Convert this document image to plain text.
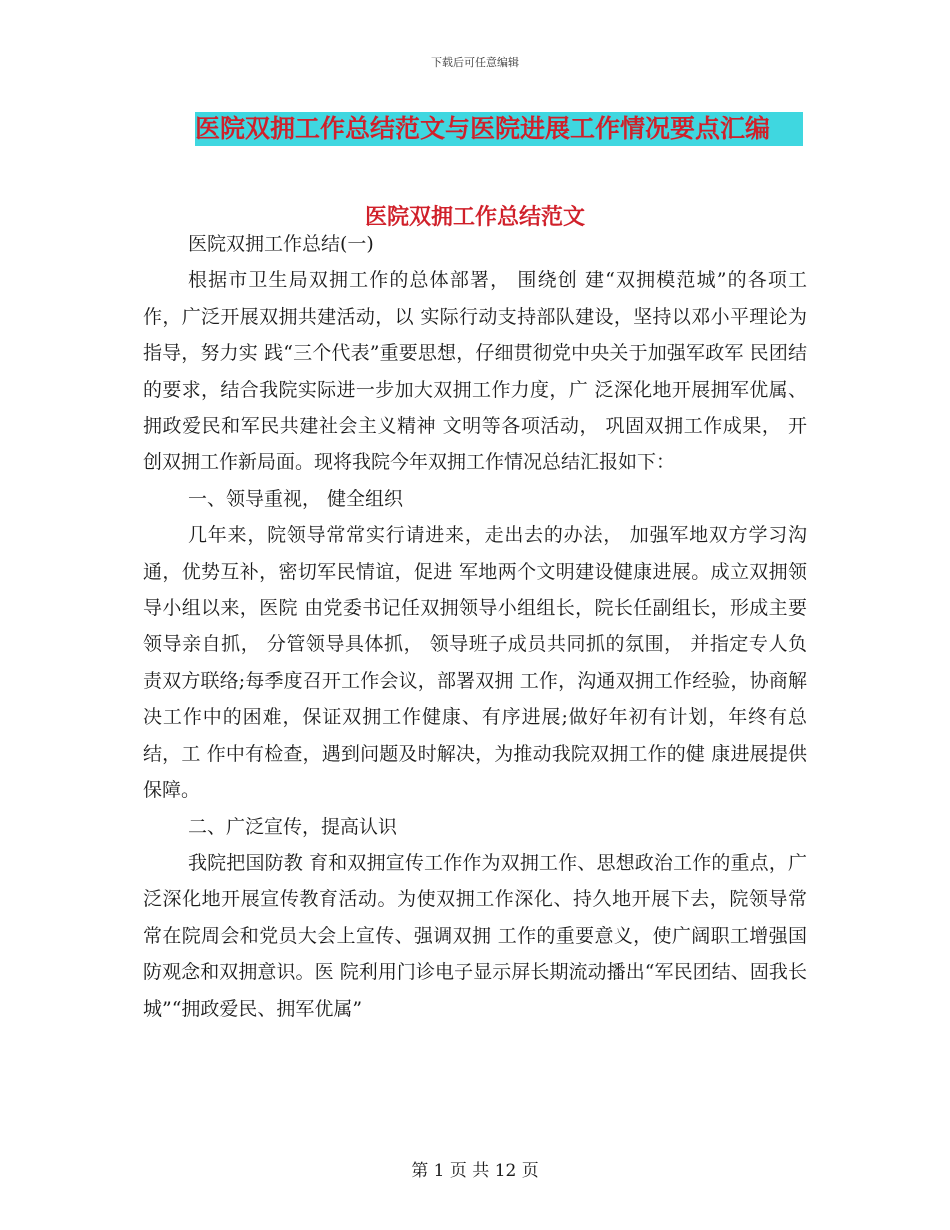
下载后可任意编辑
医院双拥工作总结范文与医院进展工作情况要点汇编
医院双拥工作总结范文

医院双拥工作总结(一)

根据市卫生局双拥工作的总体部署， 围绕创 建“双拥模范城”的各项工作，广泛开展双拥共建活动，以 实际行动支持部队建设，坚持以邓小平理论为指导，努力实 践“三个代表”重要思想，仔细贯彻党中央关于加强军政军 民团结的要求，结合我院实际进一步加大双拥工作力度，广 泛深化地开展拥军优属、拥政爱民和军民共建社会主义精神 文明等各项活动， 巩固双拥工作成果， 开创双拥工作新局面。现将我院今年双拥工作情况总结汇报如下：

一、领导重视， 健全组织

几年来，院领导常常实行请进来，走出去的办法， 加强军地双方学习沟通，优势互补，密切军民情谊，促进 军地两个文明建设健康进展。成立双拥领导小组以来，医院 由党委书记任双拥领导小组组长，院长任副组长，形成主要 领导亲自抓， 分管领导具体抓， 领导班子成员共同抓的氛围， 并指定专人负责双方联络;每季度召开工作会议，部署双拥 工作，沟通双拥工作经验，协商解决工作中的困难，保证双拥工作健康、有序进展;做好年初有计划，年终有总结，工 作中有检查，遇到问题及时解决，为推动我院双拥工作的健 康进展提供保障。

二、广泛宣传，提高认识

我院把国防教 育和双拥宣传工作作为双拥工作、思想政治工作的重点，广 泛深化地开展宣传教育活动。为使双拥工作深化、持久地开展下去，院领导常常在院周会和党员大会上宣传、强调双拥 工作的重要意义，使广阔职工增强国防观念和双拥意识。医 院利用门诊电子显示屏长期流动播出“军民团结、固我长 城”“拥政爱民、拥军优属”

第 1 页 共 12 页
